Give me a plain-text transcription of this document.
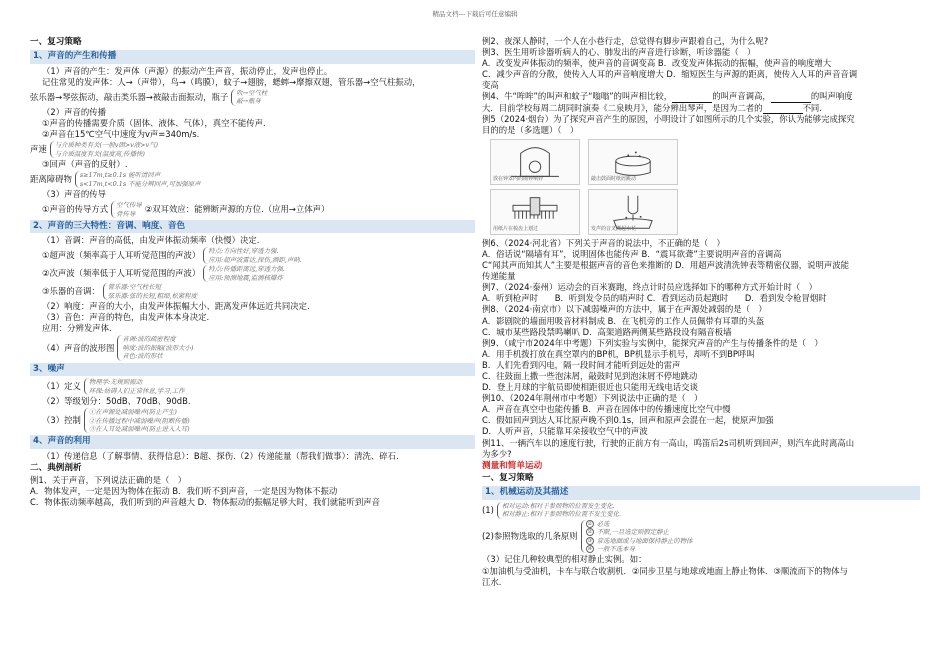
精品文档---下载后可任意编辑
一、复习策略
1、声音的产生和传播
（1）声音的产生：发声体（声源）的振动产生声音，振动停止，发声也停止。
记住常见的发声体：人→（声带），鸟→（鸣膜），蚊子→翅膀，蟋蟀→摩擦双翅，管乐器→空气柱振动，
弦乐器→琴弦振动，敲击类乐器→被敲击面振动，瓶子 吹→空气柱
敲→瓶身
（2）声音的传播
①声音的传播需要介质（固体、液体、气体），真空不能传声.
②声音在15℃空气中速度为v声=340m/s.
声速 与介质种类有关(一般v固>v液>v气)
与介质温度有关(温度高,传播快)
③回声（声音的反射）.
距离障碍物 s≥17m,t≥0.1s 能听清回声
s<17m,t<0.1s 不能分辨回声,可加强原声
（3）声音的传导
①声音的传导方式 空气传导
骨传导	②双耳效应：能辨断声源的方位.（应用→立体声）
2、声音的三大特性：音调、响度、音色
（1）音调：声音的高低，由发声体振动频率（快慢）决定.
①超声波（频率高于人耳听觉范围的声波） 特点:方向性好,穿透力强.
应用:超声波雷达,探伤,测距,声呐.
②次声波（频率低于人耳听觉范围的声波） 特点:传播距离远,穿透力强.
应用:预测地震,监测核爆炸
③乐器的音调： 管乐器:空气柱长短
弦乐器:弦的长短,粗细,松紧程度
（2）响度：声音的大小，由发声体振幅大小、距离发声体远近共同决定.
（3）音色：声音的特色，由发声体本身决定.
应用：分辨发声体.
（4）声音的波形图
音调:波的疏密程度
响度:波的振幅(波形大小)
音色:波的形状
3、噪声
（1）定义 物理学:无规则振动
环保:妨碍人们正常休息,学习,工作
（2）等级划分：50dB、70dB、90dB.
（3）控制
①在声源处减弱噪声(防止产生)
②在传播过程中减弱噪声(阻断传播)
③在人耳处减弱噪声(防止进入人耳)
4、声音的利用
（1）传递信息（了解事情、获得信息）：B超、探伤.（2）传递能量（帮我们做事）：清洗、碎石.
二、典例剖析
例1、关于声音，下列说法正确的是（　）
A．物体发声，一定是因为物体在振动 B．我们听不到声音，一定是因为物体不振动
C．物体振动频率越高，我们听到的声音越大 D．物体振动的振幅足够大时，我们就能听到声音
例2、夜深人静时，一个人在小巷行走，总觉得有脚步声跟着自己，为什么呢?
例3、医生用听诊器听病人的心、肺发出的声音进行诊断，听诊器能（　）
A．改变发声体振动的频率，使声音的音调变高 B．改变发声体振动的振幅，使声音的响度增大
C．减少声音的分散，使传入人耳的声音响度增大 D．缩短医生与声源的距离，使传入人耳的声音音调
变高
例4、牛“哞哞”的叫声和蚊子“嗡嗡”的叫声相比较，	的叫声音调高，	的叫声响度
大．目前学校每周二胡同时演奏《二泉映月》，能分辨出琴声，是因为二者的	不同.
例5（2024·烟台）为了探究声音产生的原因，小明设计了如图所示的几个实验，你认为能够完成探究
目的的是（多选题）（　）
放在钟罩内的闹钟响铃	敲击鼓面时纸屑跳动
用纸片在梳齿上划过	发声的音叉溅起水花
例6、（2024·河北省）下列关于声音的说法中，不正确的是（　）
A．俗话说“隔墙有耳”，说明固体也能传声 B．“震耳欲聋”主要说明声音的音调高
C“闻其声而知其人”主要是根据声音的音色来推断的 D．用超声波清洗钟表等精密仪器，说明声波能
传递能量
例7、（2024·泰州）运动会的百米赛跑，终点计时员应选择如下的哪种方式开始计时（　）
A．听到枪声时　　B．听到发令员的哨声时 C．看到运动员起跑时　　D．看到发令枪冒烟时
例8、（2024·南京市）以下减弱噪声的方法中，属于在声源处减弱的是（　）
A．影剧院的墙面用吸音材料制成 B．在飞机旁的工作人员佩带有耳罩的头盔
C．城市某些路段禁鸣喇叭 D．高架道路两侧某些路段设有隔音板墙
例9、（咸宁市2024年中考题）下列实验与实例中，能探究声音的产生与传播条件的是（　）
A．用手机拨打放在真空罩内的BP机，BP机显示手机号，却听不到BP呼叫
B．人们先看到闪电，隔一段时间才能听到远处的雷声
C．往鼓面上撒一些泡沫屑，敲鼓时见到泡沫屑不停地跳动
D．登上月球的宇航员即使相距很近也只能用无线电话交谈
例10、（2024年荆州市中考题）下列说法中正确的是（　）
A．声音在真空中也能传播 B．声音在固体中的传播速度比空气中慢
C．假如回声到达人耳比原声晚不到0.1s，回声和原声会混在一起，使原声加强
D．人听声音，只能靠耳朵接收空气中的声波
例11、一辆汽车以的速度行驶，行驶的正前方有一高山，鸣笛后2s司机听到回声，则汽车此时离高山
为多少?
测量和简单运动
一、复习策略
1、机械运动及其描述
(1) 相对运动:相对于参照物的位置发生变化.
相对静止:相对于参照物的位置不发生变化.
(2)参照物选取的几条原则
① 必选
② 不限,一旦选定则假定静止
③ 常选地面或与地面保持静止的物体
④ 一般不选本身
（3）记住几种较典型的相对静止实例。如：
①加油机与受油机，卡车与联合收割机．②同步卫星与地球或地面上静止物体．③顺流而下的物体与
江水.
